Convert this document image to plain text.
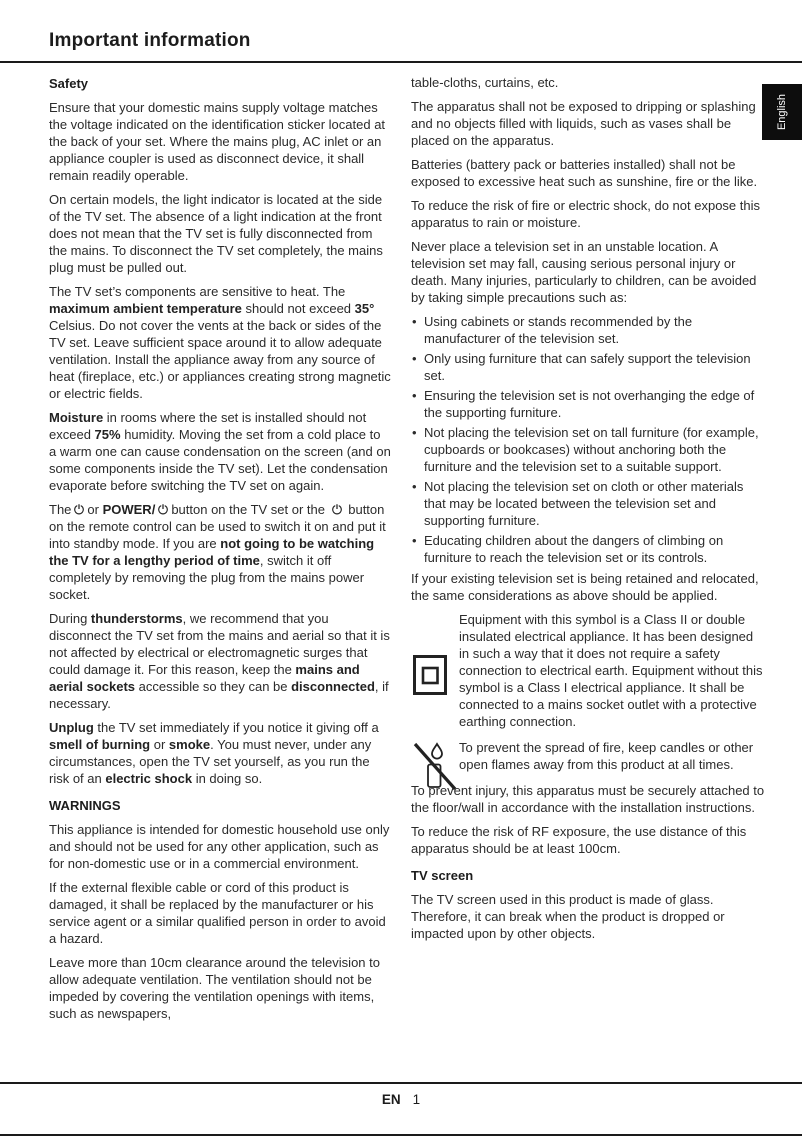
Important information
English
Safety

Ensure that your domestic mains supply voltage matches the voltage indicated on the identification sticker located at the back of your set. Where the mains plug, AC inlet or an appliance coupler is used as disconnect device, it shall remain readily operable.

On certain models, the light indicator is located at the side of the TV set. The absence of a light indication at the front does not mean that the TV set is fully disconnected from the mains. To disconnect the TV set completely, the mains plug must be pulled out.

The TV set’s components are sensitive to heat. The maximum ambient temperature should not exceed 35° Celsius. Do not cover the vents at the back or sides of the TV set. Leave sufficient space around it to allow adequate ventilation. Install the appliance away from any source of heat (fireplace, etc.) or appliances creating strong magnetic or electric fields.

Moisture in rooms where the set is installed should not exceed 75% humidity. Moving the set from a cold place to a warm one can cause condensation on the screen (and on some components inside the TV set). Let the condensation evaporate before switching the TV set on again.

The or POWER/ button on the TV set or the
button on the remote control can be used to switch it on and put it into standby mode. If you are not going to be watching the TV for a lengthy period of time, switch it off completely by removing the plug from the mains power socket.

During thunderstorms, we recommend that you disconnect the TV set from the mains and aerial so that it is not affected by electrical or electromagnetic surges that could damage it. For this reason, keep the mains and aerial sockets accessible so they can be disconnected, if necessary.

Unplug the TV set immediately if you notice it giving off a smell of burning or smoke. You must never, under any circumstances, open the TV set yourself, as you run the risk of an electric shock in doing so.

WARNINGS

This appliance is intended for domestic household use only and should not be used for any other application, such as for non-domestic use or in a commercial environment.

If the external flexible cable or cord of this product is damaged, it shall be replaced by the manufacturer or his service agent or a similar qualified person in order to avoid a hazard.

Leave more than 10cm clearance around the television to allow adequate ventilation. The ventilation should not be impeded by covering the ventilation openings with items, such as newspapers,

table-cloths, curtains, etc.

The apparatus shall not be exposed to dripping or splashing and no objects filled with liquids, such as vases shall be placed on the apparatus.

Batteries (battery pack or batteries installed) shall not be exposed to excessive heat such as sunshine, fire or the like.

To reduce the risk of fire or electric shock, do not expose this apparatus to rain or moisture.

Never place a television set in an unstable location. A television set may fall, causing serious personal injury or death. Many injuries, particularly to children, can be avoided by taking simple precautions such as:

• Using cabinets or stands recommended by the manufacturer of the television set.
• Only using furniture that can safely support the television set.
• Ensuring the television set is not overhanging the edge of the supporting furniture.
• Not placing the television set on tall furniture (for example, cupboards or bookcases) without anchoring both the furniture and the television set to a suitable support.
• Not placing the television set on cloth or other materials that may be located between the television set and supporting furniture.
• Educating children about the dangers of climbing on furniture to reach the television set or its controls.

If your existing television set is being retained and relocated, the same considerations as above should be applied.

Equipment with this symbol is a Class II or double insulated electrical appliance. It has been designed in such a way that it does not require a safety connection to electrical earth. Equipment without this symbol is a Class I electrical appliance. It shall be connected to a mains socket outlet with a protective earthing connection.
To prevent the spread of fire, keep candles or other open flames away from this product at all times.

To prevent injury, this apparatus must be securely attached to the floor/wall in accordance with the installation instructions.

To reduce the risk of RF exposure, the use distance of this apparatus should be at least 100cm.

TV screen

The TV screen used in this product is made of glass. Therefore, it can break when the product is dropped or impacted upon by other objects.

EN 1
